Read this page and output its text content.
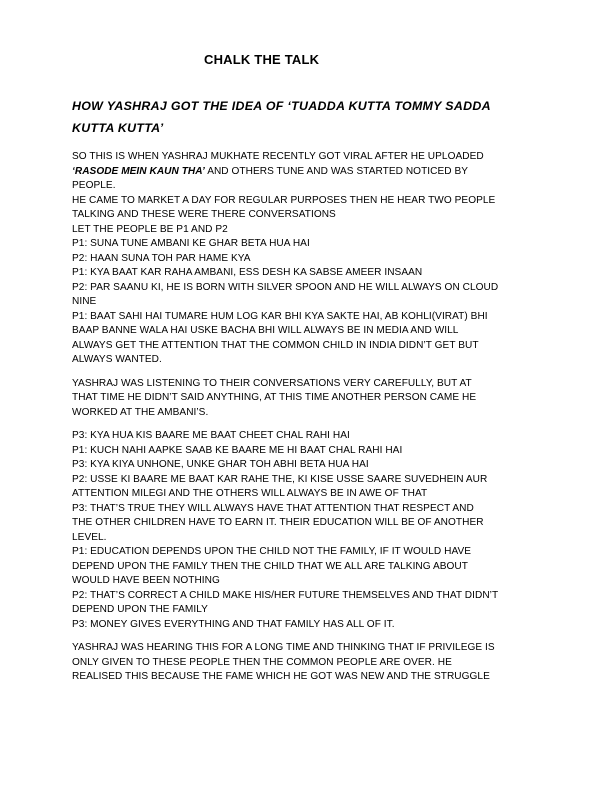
CHALK THE TALK
HOW YASHRAJ GOT THE IDEA OF ‘TUADDA KUTTA TOMMY SADDA
KUTTA KUTTA’
SO THIS IS WHEN YASHRAJ MUKHATE RECENTLY GOT VIRAL AFTER HE UPLOADED
‘RASODE MEIN KAUN THA’ AND OTHERS TUNE AND WAS STARTED NOTICED BY
PEOPLE.
HE CAME TO MARKET A DAY FOR REGULAR PURPOSES THEN HE HEAR TWO PEOPLE
TALKING AND THESE WERE THERE CONVERSATIONS
LET THE PEOPLE BE P1 AND P2
P1: SUNA TUNE AMBANI KE GHAR BETA HUA HAI
P2: HAAN SUNA TOH PAR HAME KYA
P1: KYA BAAT KAR RAHA AMBANI, ESS DESH KA SABSE AMEER INSAAN
P2: PAR SAANU KI, HE IS BORN WITH SILVER SPOON AND HE WILL ALWAYS ON CLOUD
NINE
P1: BAAT SAHI HAI TUMARE HUM LOG KAR BHI KYA SAKTE HAI, AB KOHLI(VIRAT) BHI
BAAP BANNE WALA HAI USKE BACHA BHI WILL ALWAYS BE IN MEDIA AND WILL
ALWAYS GET THE ATTENTION THAT THE COMMON CHILD IN INDIA DIDN’T GET BUT
ALWAYS WANTED.
YASHRAJ WAS LISTENING TO THEIR CONVERSATIONS VERY CAREFULLY, BUT AT
THAT TIME HE DIDN’T SAID ANYTHING, AT THIS TIME ANOTHER PERSON CAME HE
WORKED AT THE AMBANI’S.
P3: KYA HUA KIS BAARE ME BAAT CHEET CHAL RAHI HAI
P1: KUCH NAHI AAPKE SAAB KE BAARE ME HI BAAT CHAL RAHI HAI
P3: KYA KIYA UNHONE, UNKE GHAR TOH ABHI BETA HUA HAI
P2: USSE KI BAARE ME BAAT KAR RAHE THE, KI KISE USSE SAARE SUVEDHEIN AUR
ATTENTION MILEGI AND THE OTHERS WILL ALWAYS BE IN AWE OF THAT
P3: THAT’S TRUE THEY WILL ALWAYS HAVE THAT ATTENTION THAT RESPECT AND
THE OTHER CHILDREN HAVE TO EARN IT. THEIR EDUCATION WILL BE OF ANOTHER
LEVEL.
P1: EDUCATION DEPENDS UPON THE CHILD NOT THE FAMILY, IF IT WOULD HAVE
DEPEND UPON THE FAMILY THEN THE CHILD THAT WE ALL ARE TALKING ABOUT
WOULD HAVE BEEN NOTHING
P2: THAT’S CORRECT A CHILD MAKE HIS/HER FUTURE THEMSELVES AND THAT DIDN’T
DEPEND UPON THE FAMILY
P3: MONEY GIVES EVERYTHING AND THAT FAMILY HAS ALL OF IT.
YASHRAJ WAS HEARING THIS FOR A LONG TIME AND THINKING THAT IF PRIVILEGE IS
ONLY GIVEN TO THESE PEOPLE THEN THE COMMON PEOPLE ARE OVER. HE
REALISED THIS BECAUSE THE FAME WHICH HE GOT WAS NEW AND THE STRUGGLE
